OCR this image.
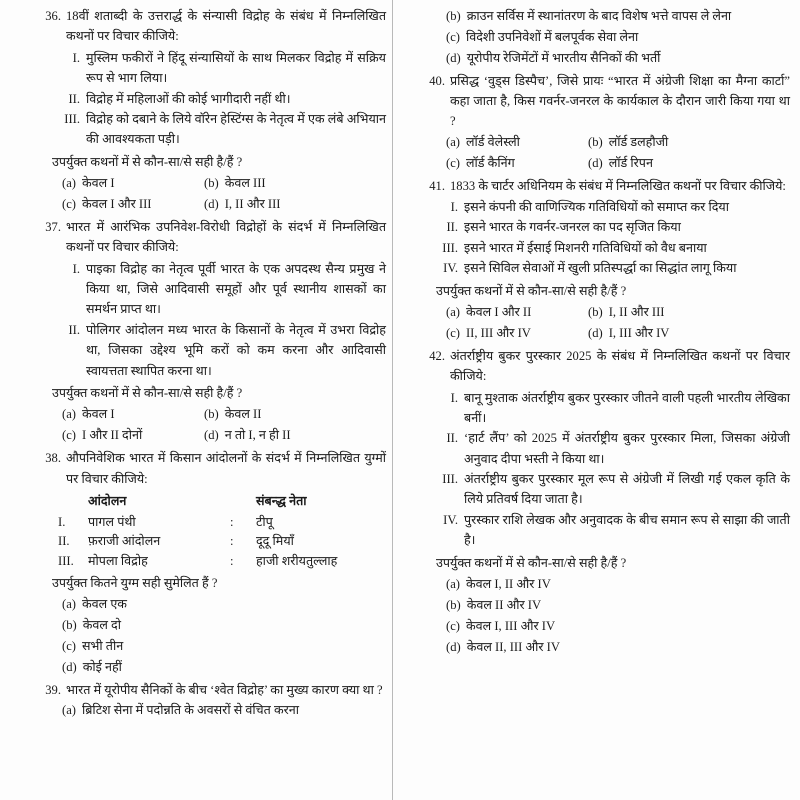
36. 18वीं शताब्दी के उत्तरार्द्ध के संन्यासी विद्रोह के संबंध में निम्नलिखित कथनों पर विचार कीजिये:
I. मुस्लिम फकीरों ने हिंदू संन्यासियों के साथ मिलकर विद्रोह में सक्रिय रूप से भाग लिया।
II. विद्रोह में महिलाओं की कोई भागीदारी नहीं थी।
III. विद्रोह को दबाने के लिये वॉरेन हेस्टिंग्स के नेतृत्व में एक लंबे अभियान की आवश्यकता पड़ी।
उपर्युक्त कथनों में से कौन-सा/से सही है/हैं ?
(a) केवल I	(b) केवल III
(c) केवल I और III	(d) I, II और III
37. भारत में आरंभिक उपनिवेश-विरोधी विद्रोहों के संदर्भ में निम्नलिखित कथनों पर विचार कीजिये:
I. पाइका विद्रोह का नेतृत्व पूर्वी भारत के एक अपदस्थ सैन्य प्रमुख ने किया था, जिसे आदिवासी समूहों और पूर्व स्थानीय शासकों का समर्थन प्राप्त था।
II. पोलिगर आंदोलन मध्य भारत के किसानों के नेतृत्व में उभरा विद्रोह था, जिसका उद्देश्य भूमि करों को कम करना और आदिवासी स्वायत्तता स्थापित करना था।
उपर्युक्त कथनों में से कौन-सा/से सही है/हैं ?
(a) केवल I	(b) केवल II
(c) I और II दोनों	(d) न तो I, न ही II
38. औपनिवेशिक भारत में किसान आंदोलनों के संदर्भ में निम्नलिखित युग्मों पर विचार कीजिये:
आंदोलन	संबन्द्ध नेता
I.	पागल पंथी	:	टीपू
II.	फ़राजी आंदोलन	:	दूदू मियाँ
III.	मोपला विद्रोह	:	हाजी शरीयतुल्लाह
उपर्युक्त कितने युग्म सही सुमेलित हैं ?
(a) केवल एक
(b) केवल दो
(c) सभी तीन
(d) कोई नहीं
39. भारत में यूरोपीय सैनिकों के बीच ‘श्वेत विद्रोह’ का मुख्य कारण क्या था ?
(a) ब्रिटिश सेना में पदोन्नति के अवसरों से वंचित करना
(b) क्राउन सर्विस में स्थानांतरण के बाद विशेष भत्ते वापस ले लेना
(c) विदेशी उपनिवेशों में बलपूर्वक सेवा लेना
(d) यूरोपीय रेजिमेंटों में भारतीय सैनिकों की भर्ती
40. प्रसिद्ध ‘वुड्स डिस्पैच’, जिसे प्रायः “भारत में अंग्रेजी शिक्षा का मैग्ना कार्टा” कहा जाता है, किस गवर्नर-जनरल के कार्यकाल के दौरान जारी किया गया था ?
(a) लॉर्ड वेलेस्ली	(b) लॉर्ड डलहौजी
(c) लॉर्ड कैनिंग	(d) लॉर्ड रिपन
41. 1833 के चार्टर अधिनियम के संबंध में निम्नलिखित कथनों पर विचार कीजिये:
I. इसने कंपनी की वाणिज्यिक गतिविधियों को समाप्त कर दिया
II. इसने भारत के गवर्नर-जनरल का पद सृजित किया
III. इसने भारत में ईसाई मिशनरी गतिविधियों को वैध बनाया
IV. इसने सिविल सेवाओं में खुली प्रतिस्पर्द्धा का सिद्धांत लागू किया
उपर्युक्त कथनों में से कौन-सा/से सही है/हैं ?
(a) केवल I और II	(b) I, II और III
(c) II, III और IV	(d) I, III और IV
42. अंतर्राष्ट्रीय बुकर पुरस्कार 2025 के संबंध में निम्नलिखित कथनों पर विचार कीजिये:
I. बानू मुश्ताक अंतर्राष्ट्रीय बुकर पुरस्कार जीतने वाली पहली भारतीय लेखिका बनीं।
II. ‘हार्ट लैंप’ को 2025 में अंतर्राष्ट्रीय बुकर पुरस्कार मिला, जिसका अंग्रेजी अनुवाद दीपा भस्ती ने किया था।
III. अंतर्राष्ट्रीय बुकर पुरस्कार मूल रूप से अंग्रेजी में लिखी गई एकल कृति के लिये प्रतिवर्ष दिया जाता है।
IV. पुरस्कार राशि लेखक और अनुवादक के बीच समान रूप से साझा की जाती है।
उपर्युक्त कथनों में से कौन-सा/से सही है/हैं ?
(a) केवल I, II और IV
(b) केवल II और IV
(c) केवल I, III और IV
(d) केवल II, III और IV
